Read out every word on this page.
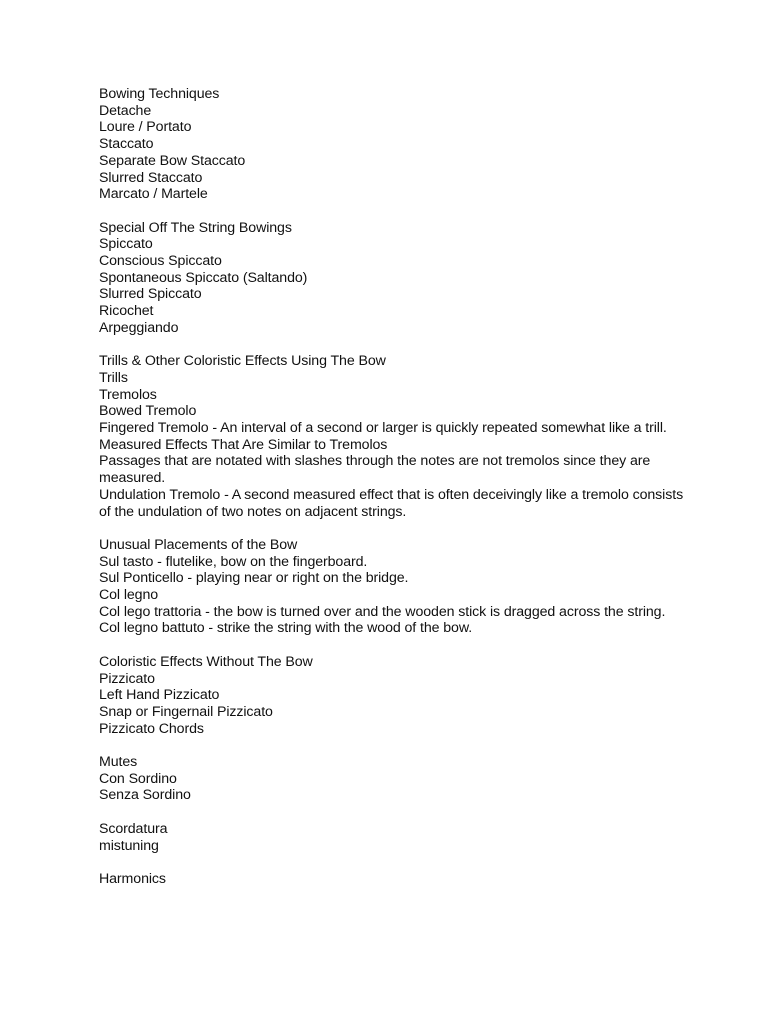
Bowing Techniques
Detache
Loure / Portato
Staccato
Separate Bow Staccato
Slurred Staccato
Marcato / Martele
Special Off The String Bowings
Spiccato
Conscious Spiccato
Spontaneous Spiccato (Saltando)
Slurred Spiccato
Ricochet
Arpeggiando
Trills & Other Coloristic Effects Using The Bow
Trills
Tremolos
Bowed Tremolo
Fingered Tremolo - An interval of a second or larger is quickly repeated somewhat like a trill.
Measured Effects That Are Similar to Tremolos
Passages that are notated with slashes through the notes are not tremolos since they are measured.
Undulation Tremolo - A second measured effect that is often deceivingly like a tremolo consists of the undulation of two notes on adjacent strings.
Unusual Placements of the Bow
Sul tasto - flutelike, bow on the fingerboard.
Sul Ponticello - playing near or right on the bridge.
Col legno
Col lego trattoria - the bow is turned over and the wooden stick is dragged across the string.
Col legno battuto - strike the string with the wood of the bow.
Coloristic Effects Without The Bow
Pizzicato
Left Hand Pizzicato
Snap or Fingernail Pizzicato
Pizzicato Chords
Mutes
Con Sordino
Senza Sordino
Scordatura
mistuning
Harmonics
